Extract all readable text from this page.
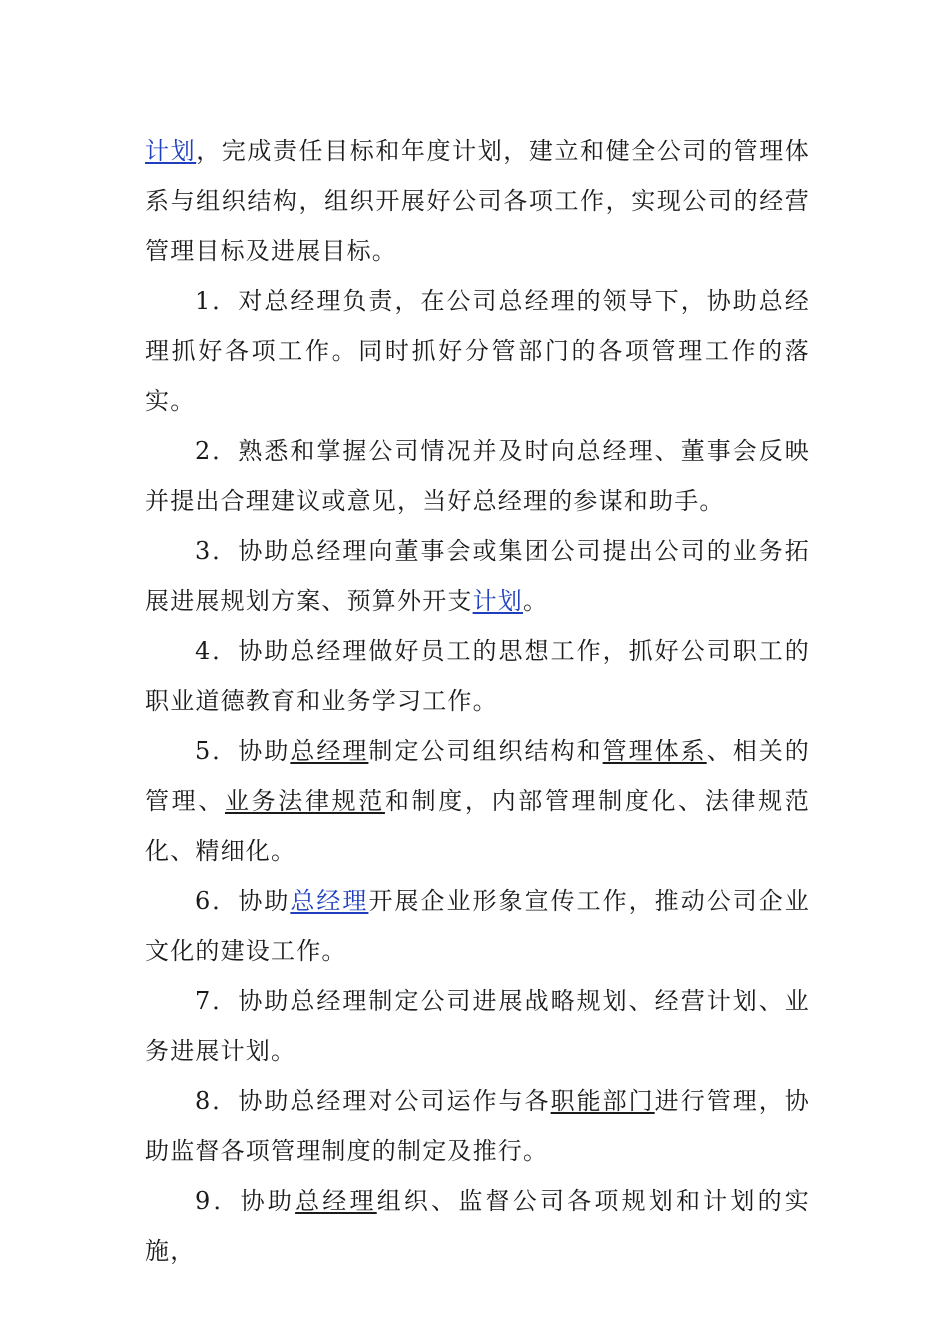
计划，完成责任目标和年度计划，建立和健全公司的管理体系与组织结构，组织开展好公司各项工作，实现公司的经营管理目标及进展目标。

1．对总经理负责，在公司总经理的领导下，协助总经理抓好各项工作。同时抓好分管部门的各项管理工作的落实。

2．熟悉和掌握公司情况并及时向总经理、董事会反映并提出合理建议或意见，当好总经理的参谋和助手。

3．协助总经理向董事会或集团公司提出公司的业务拓展进展规划方案、预算外开支计划。

4．协助总经理做好员工的思想工作，抓好公司职工的职业道德教育和业务学习工作。

5．协助总经理制定公司组织结构和管理体系、相关的管理、业务法律规范和制度，内部管理制度化、法律规范化、精细化。

6．协助总经理开展企业形象宣传工作，推动公司企业文化的建设工作。

7．协助总经理制定公司进展战略规划、经营计划、业务进展计划。

8．协助总经理对公司运作与各职能部门进行管理，协助监督各项管理制度的制定及推行。

9．协助总经理组织、监督公司各项规划和计划的实施，
